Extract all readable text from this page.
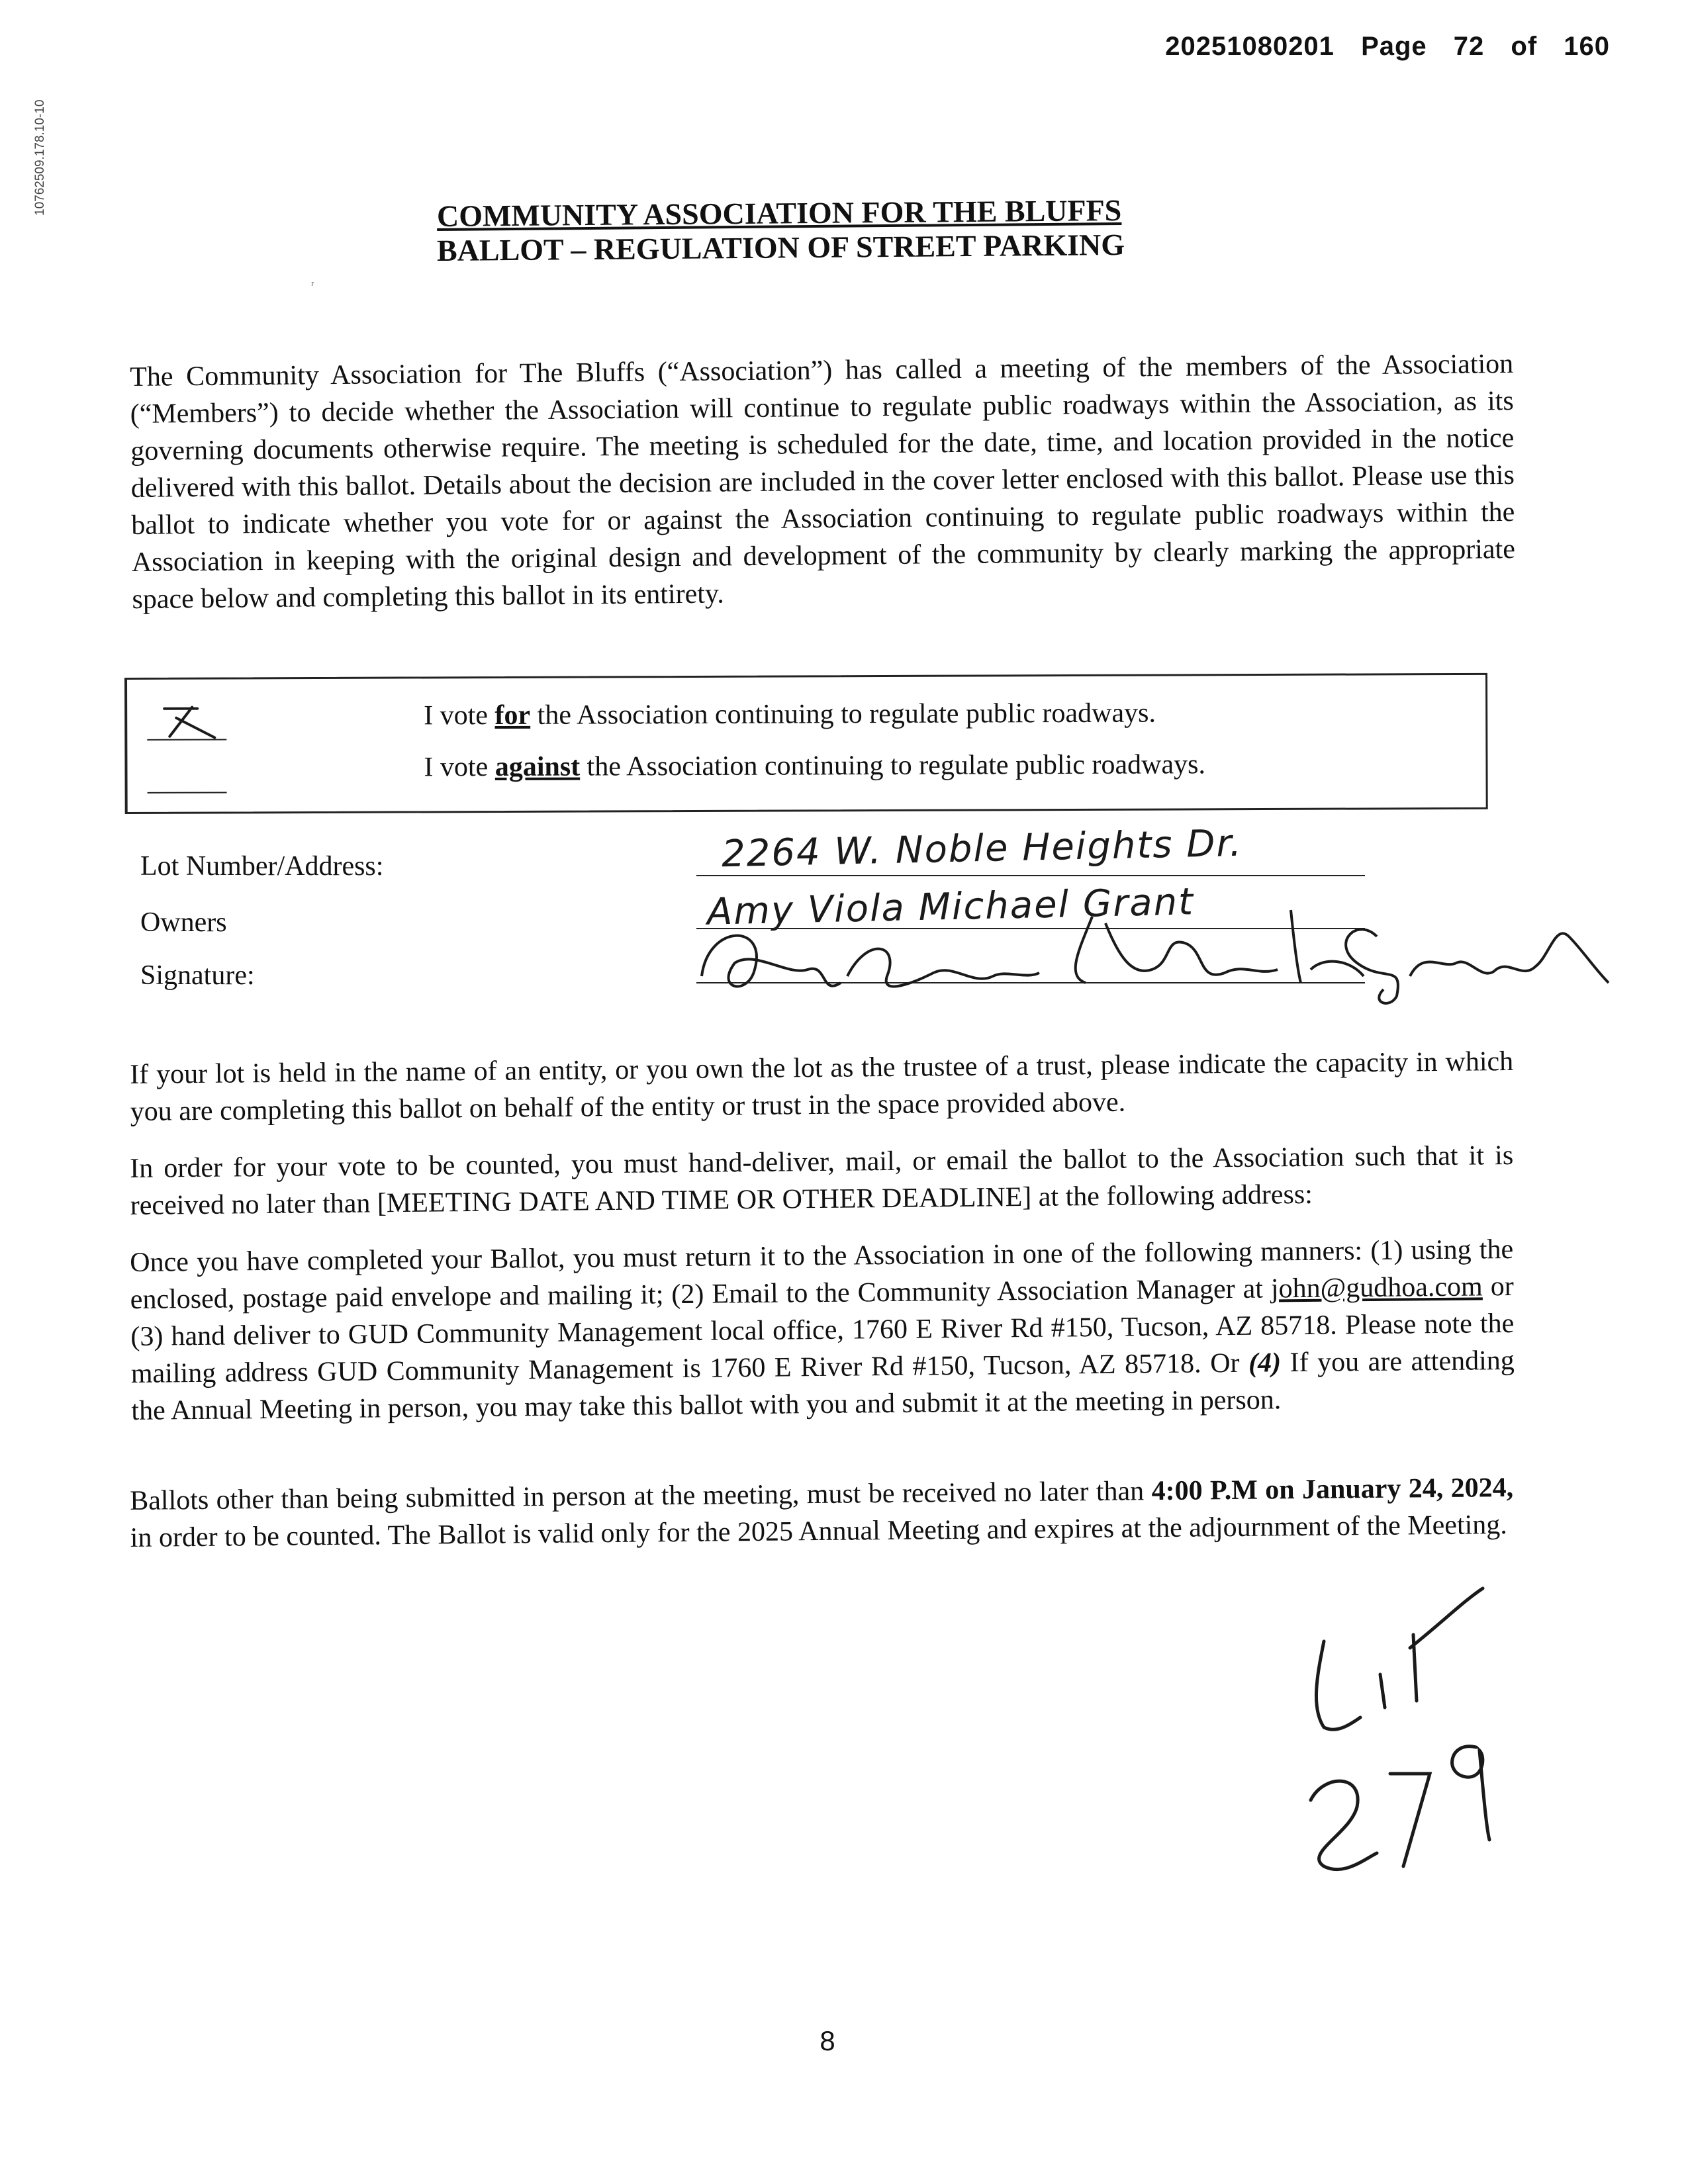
20251080201 Page 72 of 160
10762509.178.10-10
ʳ
COMMUNITY ASSOCIATION FOR THE BLUFFS
BALLOT – REGULATION OF STREET PARKING
The Community Association for The Bluffs (“Association”) has called a meeting of the members of the Association (“Members”) to decide whether the Association will continue to regulate public roadways within the Association, as its governing documents otherwise require. The meeting is scheduled for the date, time, and location provided in the notice delivered with this ballot. Details about the decision are included in the cover letter enclosed with this ballot. Please use this ballot to indicate whether you vote for or against the Association continuing to regulate public roadways within the Association in keeping with the original design and development of the community by clearly marking the appropriate space below and completing this ballot in its entirety.
I vote for the Association continuing to regulate public roadways.
I vote against the Association continuing to regulate public roadways.
Lot Number/Address:	2264 W. Noble Heights Dr.
Owners	Amy Viola Michael Grant
Signature:
If your lot is held in the name of an entity, or you own the lot as the trustee of a trust, please indicate the capacity in which you are completing this ballot on behalf of the entity or trust in the space provided above.
In order for your vote to be counted, you must hand-deliver, mail, or email the ballot to the Association such that it is received no later than [MEETING DATE AND TIME OR OTHER DEADLINE] at the following address:
Once you have completed your Ballot, you must return it to the Association in one of the following manners: (1) using the enclosed, postage paid envelope and mailing it; (2) Email to the Community Association Manager at john@gudhoa.com or (3) hand deliver to GUD Community Management local office, 1760 E River Rd #150, Tucson, AZ 85718. Please note the mailing address GUD Community Management is 1760 E River Rd #150, Tucson, AZ 85718. Or (4) If you are attending the Annual Meeting in person, you may take this ballot with you and submit it at the meeting in person.
Ballots other than being submitted in person at the meeting, must be received no later than 4:00 P.M on January 24, 2024, in order to be counted. The Ballot is valid only for the 2025 Annual Meeting and expires at the adjournment of the Meeting.
8
